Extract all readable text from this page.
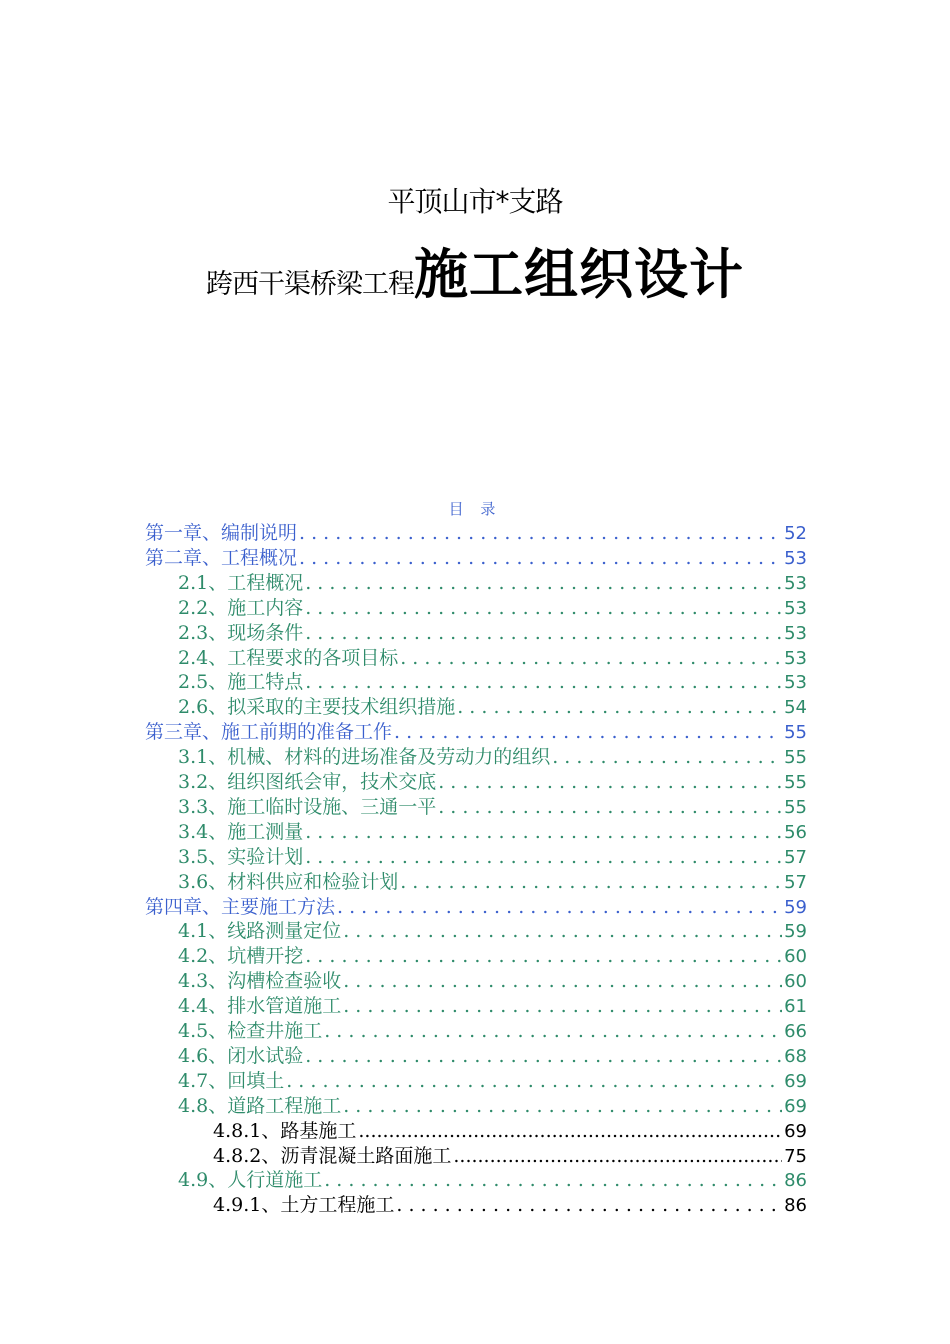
平顶山市*支路
跨西干渠桥梁工程施工组织设计
目 录
第一章、编制说明 . . .	52
第二章、工程概况 . . .	53
2.1、工程概况 . . .	53
2.2、施工内容 . . .	53
2.3、现场条件 . . .	53
2.4、工程要求的各项目标 . . .	53
2.5、施工特点 . . .	53
2.6、拟采取的主要技术组织措施 . . .	54
第三章、施工前期的准备工作 . . .	55
3.1、机械、材料的进场准备及劳动力的组织 . . .	55
3.2、组织图纸会审，技术交底 . . .	55
3.3、施工临时设施、三通一平 . . .	55
3.4、施工测量 . . .	56
3.5、实验计划 . . .	57
3.6、材料供应和检验计划 . . .	57
第四章、主要施工方法 . . .	59
4.1、线路测量定位 . . .	59
4.2、坑槽开挖 . . .	60
4.3、沟槽检查验收 . . .	60
4.4、排水管道施工 . . .	61
4.5、检查井施工 . . .	66
4.6、闭水试验 . . .	68
4.7、回填土 . . .	69
4.8、道路工程施工 . . .	69
4.8.1、路基施工 .....	69
4.8.2、沥青混凝土路面施工 .....	75
4.9、人行道施工 . . .	86
4.9.1、土方工程施工 . . .	86
